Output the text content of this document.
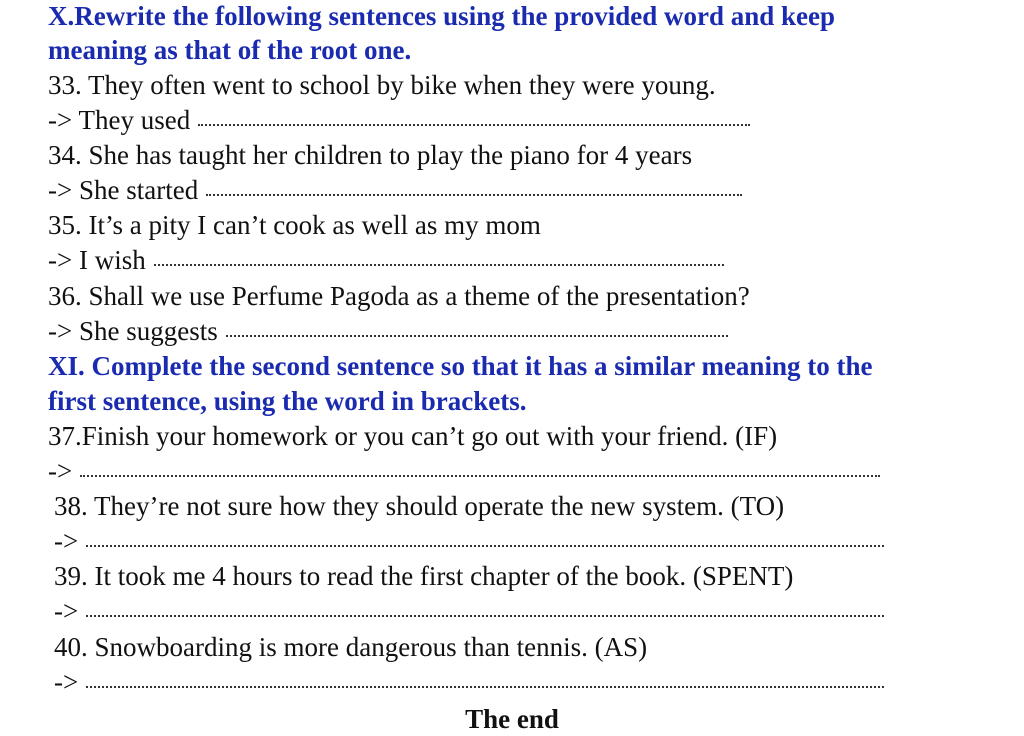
X.Rewrite the following sentences using the provided word and keep
meaning as that of the root one.
33. They often went to school by bike when they were young.
-> They used
34. She has taught her children to play the piano for 4 years
-> She started
35. It’s a pity I can’t cook as well as my mom
-> I wish
36. Shall we use Perfume Pagoda as a theme of the presentation?
-> She suggests
XI. Complete the second sentence so that it has a similar meaning to the
first sentence, using the word in brackets.
37.Finish your homework or you can’t go out with your friend. (IF)
->
38. They’re not sure how they should operate the new system. (TO)
->
39. It took me 4 hours to read the first chapter of the book. (SPENT)
->
40. Snowboarding is more dangerous than tennis. (AS)
->
The end
